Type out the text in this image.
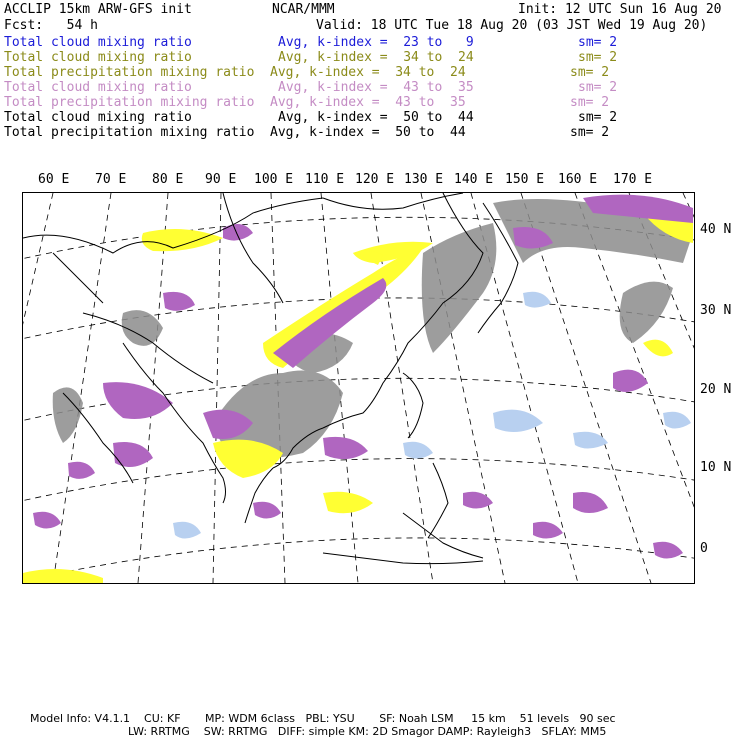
ACCLIP 15km ARW-GFS init	NCAR/MMM	Init: 12 UTC Sun 16 Aug 20
Fcst:   54 h	Valid: 18 UTC Tue 18 Aug 20 (03 JST Wed 19 Aug 20)
Total cloud mixing ratio	Avg, k-index =  23 to   9	sm= 2
Total cloud mixing ratio	Avg, k-index =  34 to  24	sm= 2
Total precipitation mixing ratio Avg, k-index =  34 to  24	sm= 2
Total cloud mixing ratio	Avg, k-index =  43 to  35	sm= 2
Total precipitation mixing ratio Avg, k-index =  43 to  35	sm= 2
Total cloud mixing ratio	Avg, k-index =  50 to  44	sm= 2
Total precipitation mixing ratio Avg, k-index =  50 to  44	sm= 2
60 E 70 E 80 E 90 E 100 E 110 E 120 E 130 E 140 E 150 E 160 E 170 E
40 N
30 N
20 N
10 N
0
Model Info: V4.1.1    CU: KF       MP: WDM 6class   PBL: YSU       SF: Noah LSM     15 km    51 levels   90 sec
LW: RRTMG    SW: RRTMG   DIFF: simple KM: 2D Smagor DAMP: Rayleigh3   SFLAY: MM5
